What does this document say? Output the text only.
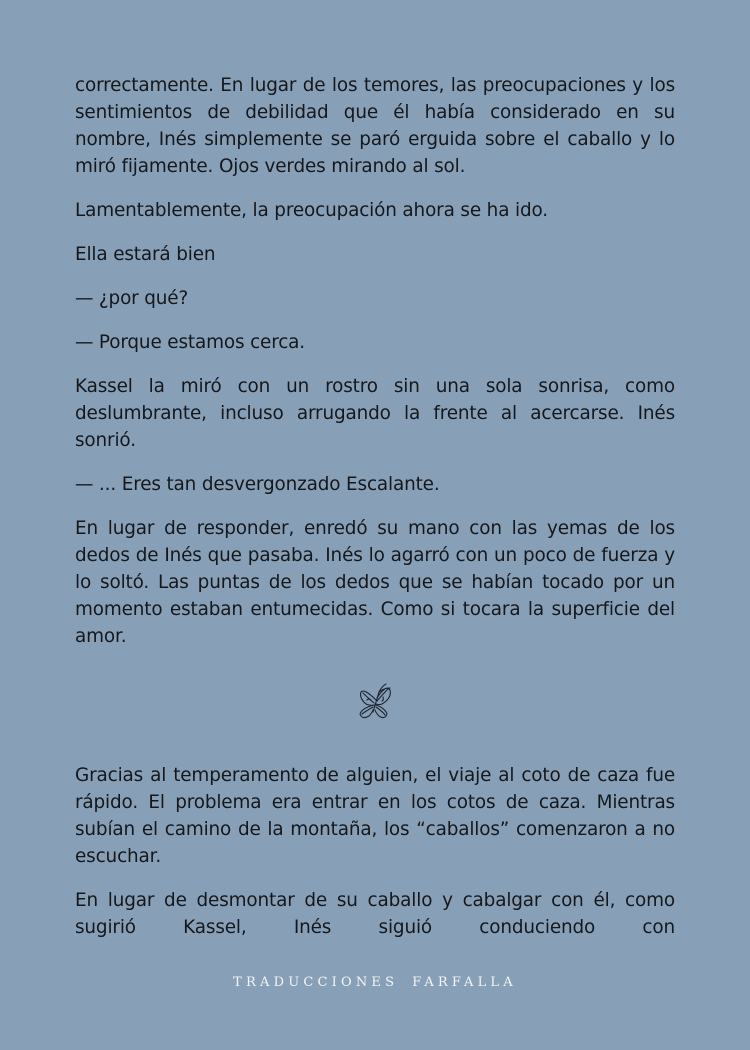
correctamente. En lugar de los temores, las preocupaciones y los sentimientos de debilidad que él había considerado en su nombre, Inés simplemente se paró erguida sobre el caballo y lo miró fijamente. Ojos verdes mirando al sol.

Lamentablemente, la preocupación ahora se ha ido.

Ella estará bien

— ¿por qué?

— Porque estamos cerca.

Kassel la miró con un rostro sin una sola sonrisa, como deslumbrante, incluso arrugando la frente al acercarse. Inés sonrió.

— ... Eres tan desvergonzado Escalante.

En lugar de responder, enredó su mano con las yemas de los dedos de Inés que pasaba. Inés lo agarró con un poco de fuerza y lo soltó. Las puntas de los dedos que se habían tocado por un momento estaban entumecidas. Como si tocara la superficie del amor.

Gracias al temperamento de alguien, el viaje al coto de caza fue rápido. El problema era entrar en los cotos de caza. Mientras subían el camino de la montaña, los “caballos” comenzaron a no escuchar.

En lugar de desmontar de su caballo y cabalgar con él, como sugirió Kassel, Inés siguió conduciendo con

TRADUCCIONES FARFALLA
